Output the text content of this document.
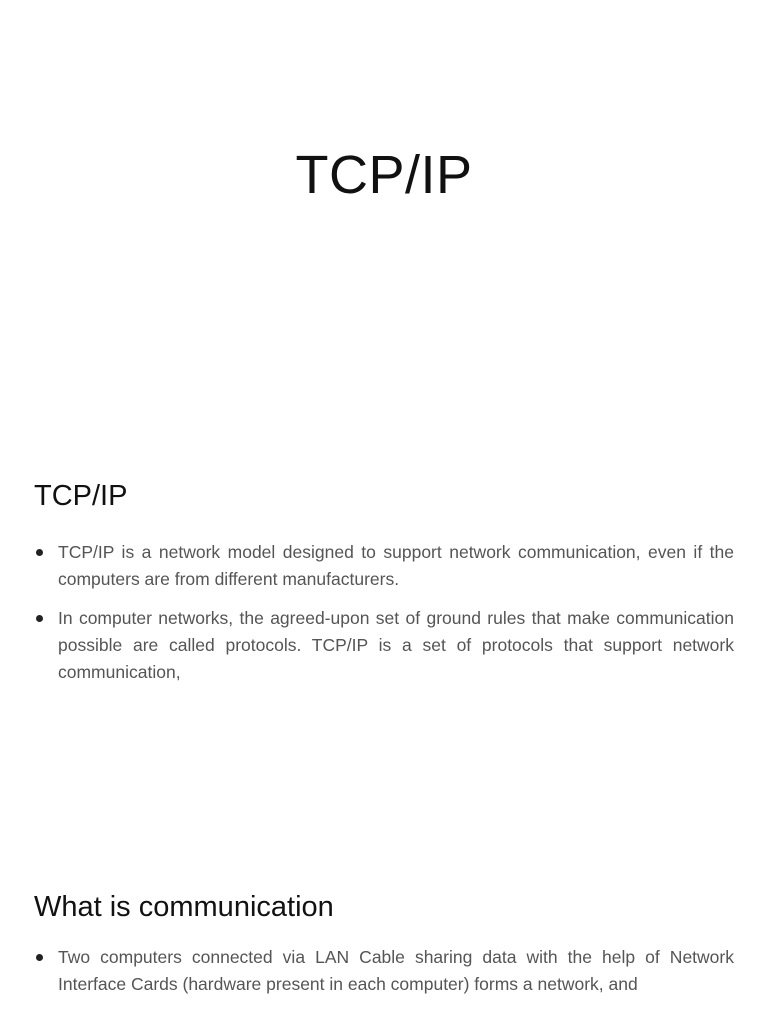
TCP/IP
TCP/IP
TCP/IP is a network model designed to support network communication, even if the computers are from different manufacturers.
In computer networks, the agreed-upon set of ground rules that make communication possible are called protocols. TCP/IP is a set of protocols that support network communication,
What is communication
Two computers connected via LAN Cable sharing data with the help of Network Interface Cards (hardware present in each computer) forms a network, and
